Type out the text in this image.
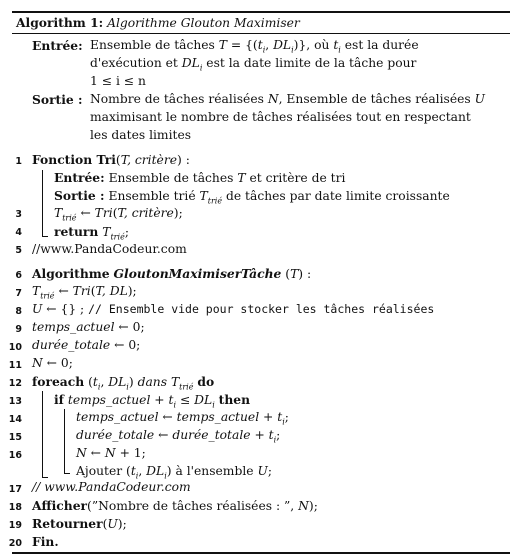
Algorithm 1: Algorithme Glouton Maximiser
Entrée: Ensemble de tâches $T = \{(t_i$, $DL_i$)}, où $t_i$ est la durée
d'exécution et $DL_i$ est la date limite de la tâche pour
1 ≤ i ≤ n
Sortie : Nombre de tâches réalisées N, Ensemble de tâches réalisées U
maximisant le nombre de tâches réalisées tout en respectant
les dates limites
1
3
4
5
6
7
8
9
10
11
12
13
14
15
16
17
18
19
20
Fonction Tri(T, critère) :
Entrée: Ensemble de tâches T et critère de tri
Sortie : Ensemble trié $T_{trié}$ de tâches par date limite croissante
$T_{trié}$ ← Tri(T, critère);
return $T_{trié}$;
//www.PandaCodeur.com
Algorithme GloutonMaximiserTâche (T) :
$T_{trié}$ ← Tri(T, DL);
U ← {} ; // Ensemble vide pour stocker les tâches réalisées
temps_actuel ← 0;
durée_totale ← 0;
N ← 0;
foreach ($t_i$, $DL_i$) dans $T_{trié}$ do
if temps_actuel + $t_i \le DL_i$ then
temps_actuel ← temps_actuel + $t_i$;
durée_totale ← durée_totale + $t_i$;
N ← N + 1;
Ajouter ($t_i$, $DL_i$) à l'ensemble U;
// www.PandaCodeur.com
Afficher(”Nombre de tâches réalisées : ”, N);
Retourner(U);
Fin.
